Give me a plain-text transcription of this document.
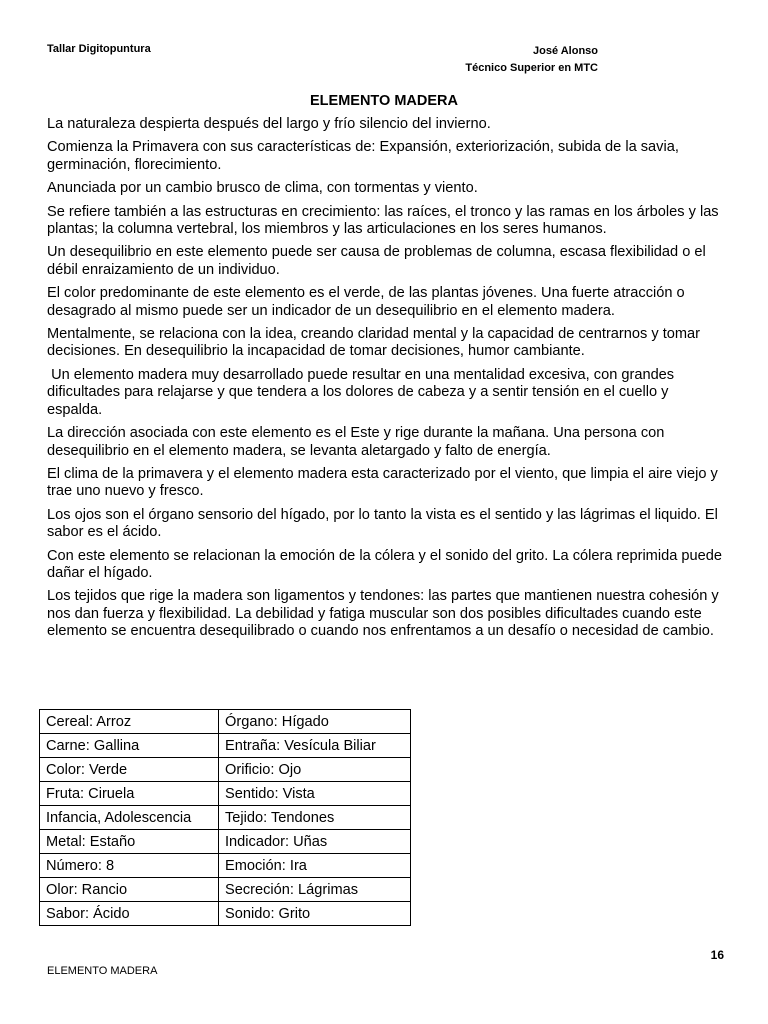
Tallar Digitopuntura	José Alonso
Técnico Superior en MTC
ELEMENTO MADERA

La naturaleza despierta después del largo y frío silencio del invierno.

Comienza la Primavera con sus características de: Expansión, exteriorización, subida de la savia, germinación, florecimiento.

Anunciada por un cambio brusco de clima, con tormentas y viento.

Se refiere también a las estructuras en crecimiento: las raíces, el tronco y las ramas en los árboles y las plantas; la columna vertebral, los miembros y las articulaciones en los seres humanos.

Un desequilibrio en este elemento puede ser causa de problemas de columna, escasa flexibilidad o el débil enraizamiento de un individuo.

El color predominante de este elemento es el verde, de las plantas jóvenes. Una fuerte atracción o desagrado al mismo puede ser un indicador de un desequilibrio en el elemento madera.

Mentalmente, se relaciona con la idea, creando claridad mental y la capacidad de centrarnos y tomar decisiones. En desequilibrio la incapacidad de tomar decisiones, humor cambiante.

Un elemento madera muy desarrollado puede resultar en una mentalidad excesiva, con grandes dificultades para relajarse y que tendera a los dolores de cabeza y a sentir tensión en el cuello y espalda.

La dirección asociada con este elemento es el Este y rige durante la mañana. Una persona con desequilibrio en el elemento madera, se levanta aletargado y falto de energía.

El clima de la primavera y el elemento madera esta caracterizado por el viento, que limpia el aire viejo y trae uno nuevo y fresco.

Los ojos son el órgano sensorio del hígado, por lo tanto la vista es el sentido y las lágrimas el liquido. El sabor es el ácido.

Con este elemento se relacionan la emoción de la cólera y el sonido del grito. La cólera reprimida puede dañar el hígado.

Los tejidos que rige la madera son ligamentos y tendones: las partes que mantienen nuestra cohesión y nos dan fuerza y flexibilidad. La debilidad y fatiga muscular son dos posibles dificultades cuando este elemento se encuentra desequilibrado o cuando nos enfrentamos a un desafío o necesidad de cambio.

Cereal: Arroz	Órgano: Hígado
Carne: Gallina	Entraña: Vesícula Biliar
Color: Verde	Orificio: Ojo
Fruta: Ciruela	Sentido: Vista
Infancia, Adolescencia	Tejido: Tendones
Metal: Estaño	Indicador: Uñas
Número: 8	Emoción: Ira
Olor: Rancio	Secreción: Lágrimas
Sabor: Ácido	Sonido: Grito
16
ELEMENTO MADERA
